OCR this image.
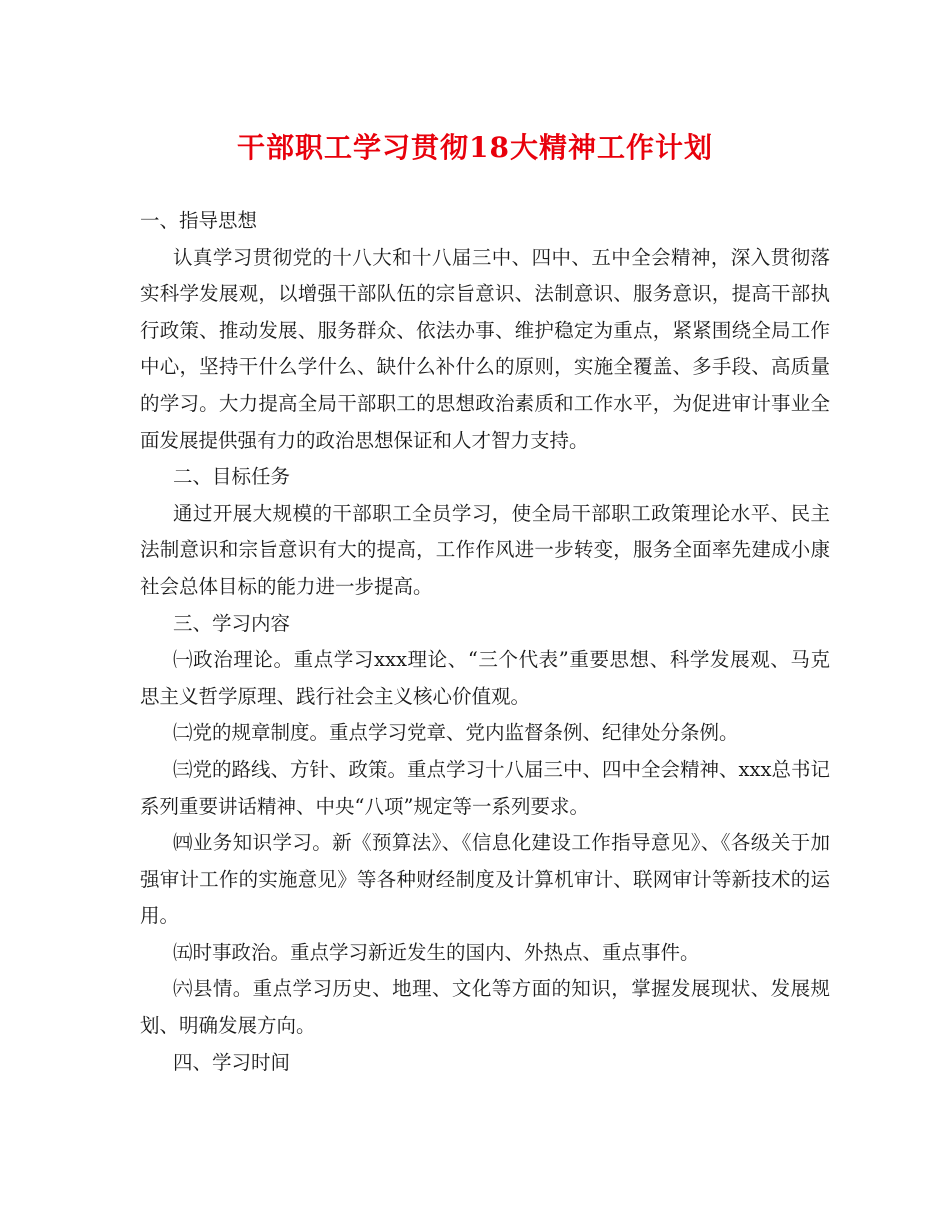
干部职工学习贯彻18大精神工作计划

一、指导思想

认真学习贯彻党的十八大和十八届三中、四中、五中全会精神，深入贯彻落实科学发展观，以增强干部队伍的宗旨意识、法制意识、服务意识，提高干部执行政策、推动发展、服务群众、依法办事、维护稳定为重点，紧紧围绕全局工作中心，坚持干什么学什么、缺什么补什么的原则，实施全覆盖、多手段、高质量的学习。大力提高全局干部职工的思想政治素质和工作水平，为促进审计事业全面发展提供强有力的政治思想保证和人才智力支持。

二、目标任务

通过开展大规模的干部职工全员学习，使全局干部职工政策理论水平、民主法制意识和宗旨意识有大的提高，工作作风进一步转变，服务全面率先建成小康社会总体目标的能力进一步提高。

三、学习内容

㈠政治理论。重点学习xxx理论、“三个代表”重要思想、科学发展观、马克思主义哲学原理、践行社会主义核心价值观。

㈡党的规章制度。重点学习党章、党内监督条例、纪律处分条例。

㈢党的路线、方针、政策。重点学习十八届三中、四中全会精神、xxx总书记系列重要讲话精神、中央“八项”规定等一系列要求。

㈣业务知识学习。新《预算法》、《信息化建设工作指导意见》、《各级关于加强审计工作的实施意见》等各种财经制度及计算机审计、联网审计等新技术的运用。

㈤时事政治。重点学习新近发生的国内、外热点、重点事件。

㈥县情。重点学习历史、地理、文化等方面的知识，掌握发展现状、发展规划、明确发展方向。

四、学习时间
